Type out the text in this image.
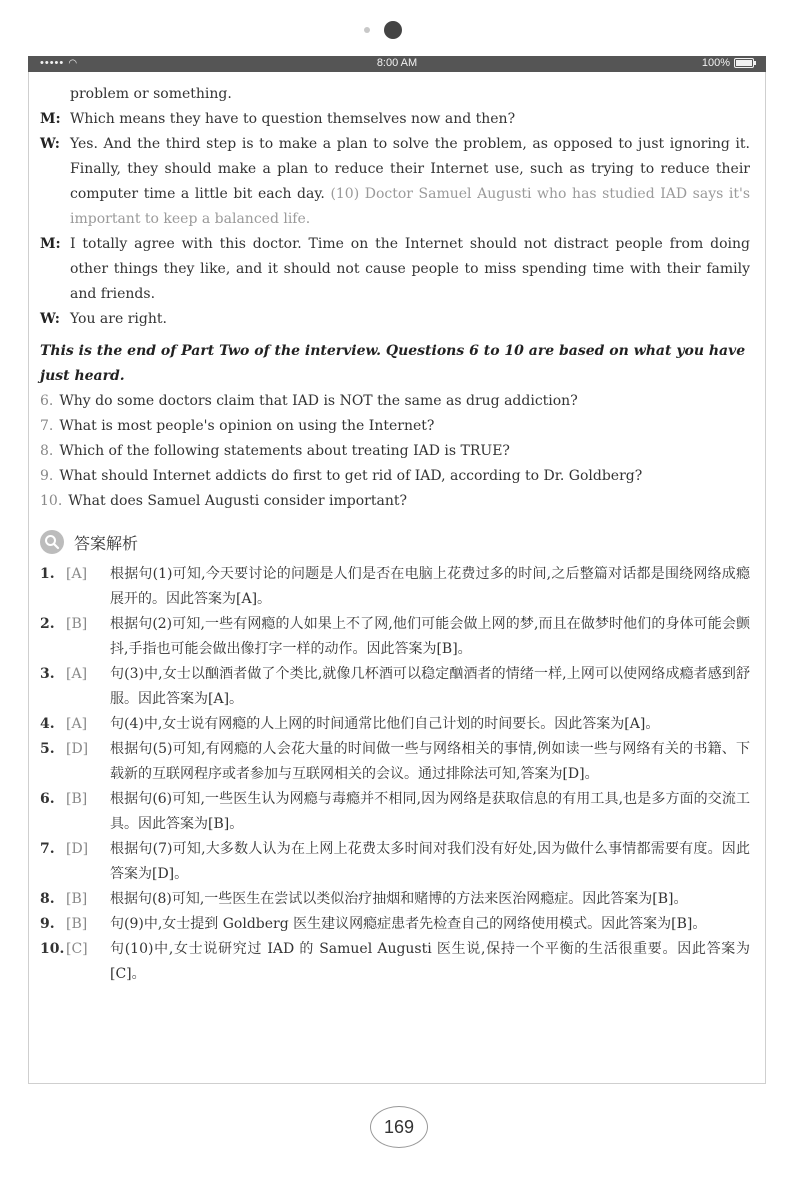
••••• ◠	8:00 AM	100%

problem or something.

M: Which means they have to question themselves now and then?
W: Yes. And the third step is to make a plan to solve the problem, as opposed to just ignoring it. Finally, they should make a plan to reduce their Internet use, such as trying to reduce their computer time a little bit each day. (10) Doctor Samuel Augusti who has studied IAD says it's important to keep a balanced life.
M: I totally agree with this doctor. Time on the Internet should not distract people from doing other things they like, and it should not cause people to miss spending time with their family and friends.
W: You are right.

This is the end of Part Two of the interview. Questions 6 to 10 are based on what you have just heard.

6. Why do some doctors claim that IAD is NOT the same as drug addiction?

7. What is most people's opinion on using the Internet?

8. Which of the following statements about treating IAD is TRUE?

9. What should Internet addicts do first to get rid of IAD, according to Dr. Goldberg?

10. What does Samuel Augusti consider important?

答案解析
1. [A]	根据句(1)可知,今天要讨论的问题是人们是否在电脑上花费过多的时间,之后整篇对话都是围绕网络成瘾展开的。因此答案为[A]。
2. [B]	根据句(2)可知,一些有网瘾的人如果上不了网,他们可能会做上网的梦,而且在做梦时他们的身体可能会颤抖,手指也可能会做出像打字一样的动作。因此答案为[B]。
3. [A]	句(3)中,女士以酗酒者做了个类比,就像几杯酒可以稳定酗酒者的情绪一样,上网可以使网络成瘾者感到舒服。因此答案为[A]。
4. [A]	句(4)中,女士说有网瘾的人上网的时间通常比他们自己计划的时间要长。因此答案为[A]。
5. [D]	根据句(5)可知,有网瘾的人会花大量的时间做一些与网络相关的事情,例如读一些与网络有关的书籍、下载新的互联网程序或者参加与互联网相关的会议。通过排除法可知,答案为[D]。
6. [B]	根据句(6)可知,一些医生认为网瘾与毒瘾并不相同,因为网络是获取信息的有用工具,也是多方面的交流工具。因此答案为[B]。
7. [D]	根据句(7)可知,大多数人认为在上网上花费太多时间对我们没有好处,因为做什么事情都需要有度。因此答案为[D]。
8. [B]	根据句(8)可知,一些医生在尝试以类似治疗抽烟和赌博的方法来医治网瘾症。因此答案为[B]。
9. [B]	句(9)中,女士提到 Goldberg 医生建议网瘾症患者先检查自己的网络使用模式。因此答案为[B]。
10. [C]	句(10)中,女士说研究过 IAD 的 Samuel Augusti 医生说,保持一个平衡的生活很重要。因此答案为[C]。
169
